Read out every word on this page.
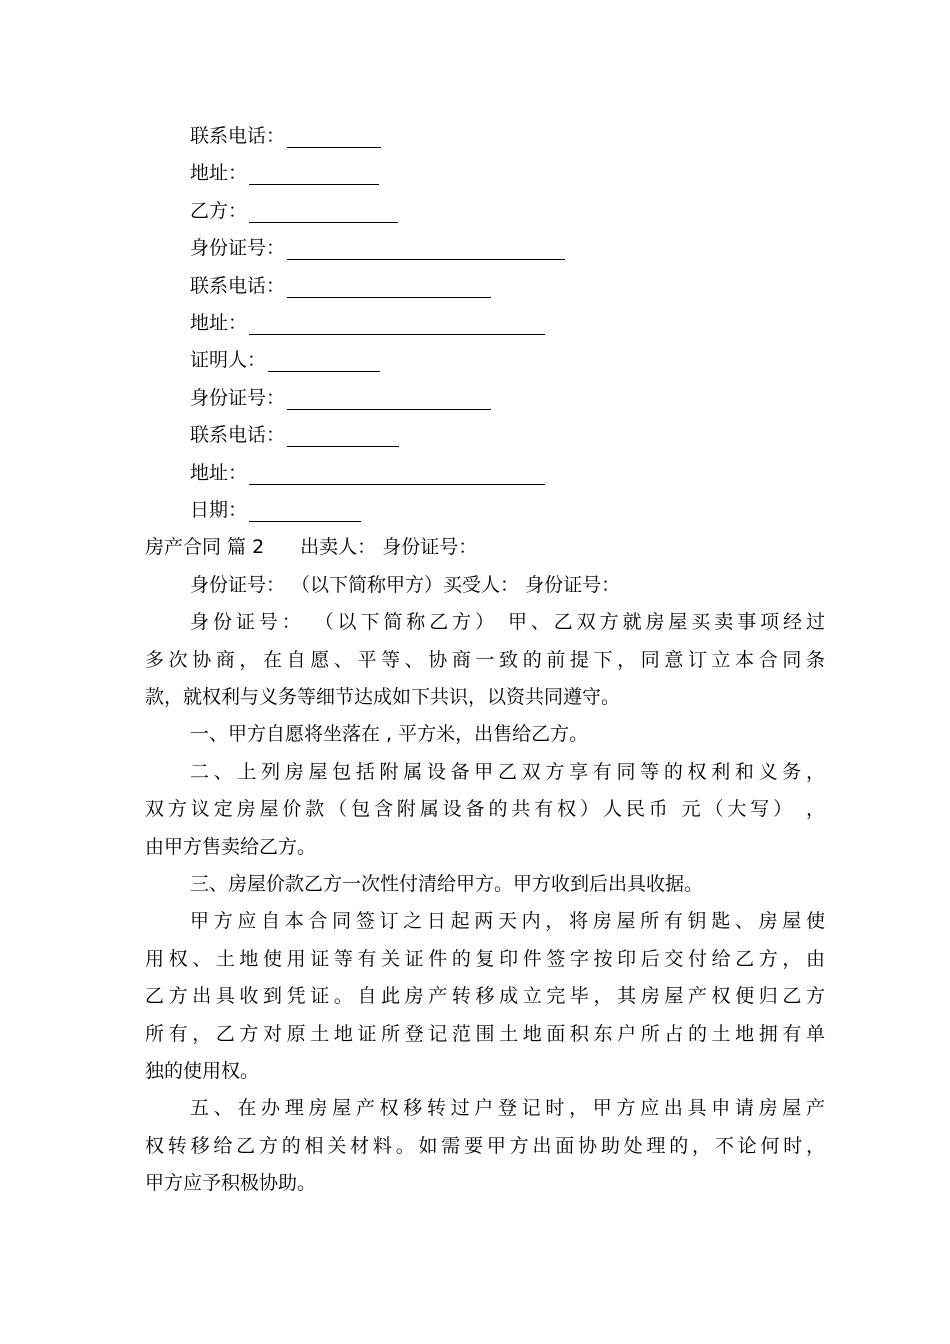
联系电话：
地址：
乙方：
身份证号：
联系电话：
地址：
证明人：
身份证号：
联系电话：
地址：
日期：
房产合同 篇 2 出卖人： 身份证号：
身份证号： （以下简称甲方）买受人： 身份证号：
身份证号： （以下简称乙方） 甲、乙双方就房屋买卖事项经过
多次协商，在自愿、平等、协商一致的前提下，同意订立本合同条
款，就权利与义务等细节达成如下共识，以资共同遵守。
一、甲方自愿将坐落在 , 平方米，出售给乙方。
二、上列房屋包括附属设备甲乙双方享有同等的权利和义务，
双方议定房屋价款（包含附属设备的共有权）人民币 元（大写） ，
由甲方售卖给乙方。
三、房屋价款乙方一次性付清给甲方。甲方收到后出具收据。
甲方应自本合同签订之日起两天内，将房屋所有钥匙、房屋使
用权、土地使用证等有关证件的复印件签字按印后交付给乙方，由
乙方出具收到凭证。自此房产转移成立完毕，其房屋产权便归乙方
所有，乙方对原土地证所登记范围土地面积东户所占的土地拥有单
独的使用权。
五、在办理房屋产权移转过户登记时，甲方应出具申请房屋产
权转移给乙方的相关材料。如需要甲方出面协助处理的，不论何时，
甲方应予积极协助。
